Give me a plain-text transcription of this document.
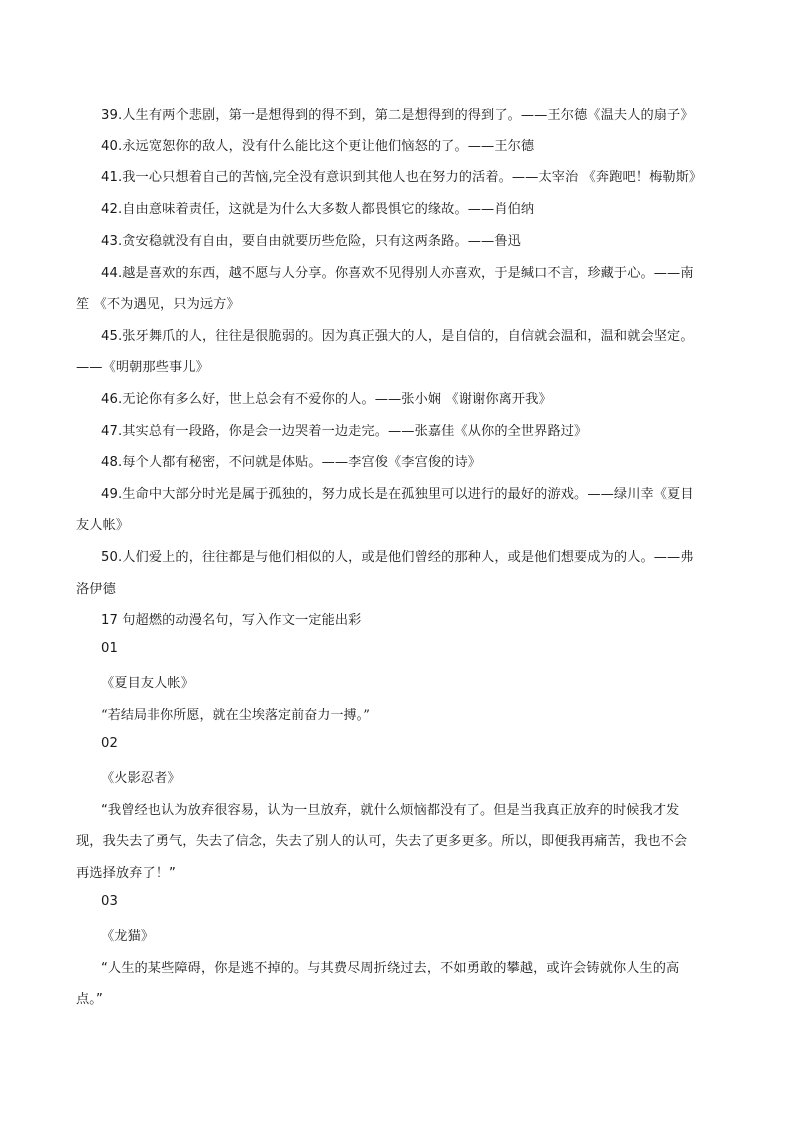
39.人生有两个悲剧，第一是想得到的得不到，第二是想得到的得到了。——王尔德《温夫人的扇子》
40.永远宽恕你的敌人，没有什么能比这个更让他们恼怒的了。——王尔德
41.我一心只想着自己的苦恼,完全没有意识到其他人也在努力的活着。——太宰治 《奔跑吧！梅勒斯》
42.自由意味着责任，这就是为什么大多数人都畏惧它的缘故。——肖伯纳
43.贪安稳就没有自由，要自由就要历些危险，只有这两条路。——鲁迅
44.越是喜欢的东西，越不愿与人分享。你喜欢不见得别人亦喜欢，于是缄口不言，珍藏于心。——南
笙 《不为遇见，只为远方》
45.张牙舞爪的人，往往是很脆弱的。因为真正强大的人，是自信的，自信就会温和，温和就会坚定。
——《明朝那些事儿》
46.无论你有多么好，世上总会有不爱你的人。——张小娴 《谢谢你离开我》
47.其实总有一段路，你是会一边哭着一边走完。——张嘉佳《从你的全世界路过》
48.每个人都有秘密，不问就是体贴。——李宫俊《李宫俊的诗》
49.生命中大部分时光是属于孤独的，努力成长是在孤独里可以进行的最好的游戏。——绿川幸《夏目
友人帐》
50.人们爱上的，往往都是与他们相似的人，或是他们曾经的那种人，或是他们想要成为的人。——弗
洛伊德
17 句超燃的动漫名句，写入作文一定能出彩
01
《夏目友人帐》
“若结局非你所愿，就在尘埃落定前奋力一搏。”
02
《火影忍者》
“我曾经也认为放弃很容易，认为一旦放弃，就什么烦恼都没有了。但是当我真正放弃的时候我才发
现，我失去了勇气，失去了信念，失去了别人的认可，失去了更多更多。所以，即便我再痛苦，我也不会
再选择放弃了！”
03
《龙猫》
“人生的某些障碍，你是逃不掉的。与其费尽周折绕过去，不如勇敢的攀越，或许会铸就你人生的高
点。”
